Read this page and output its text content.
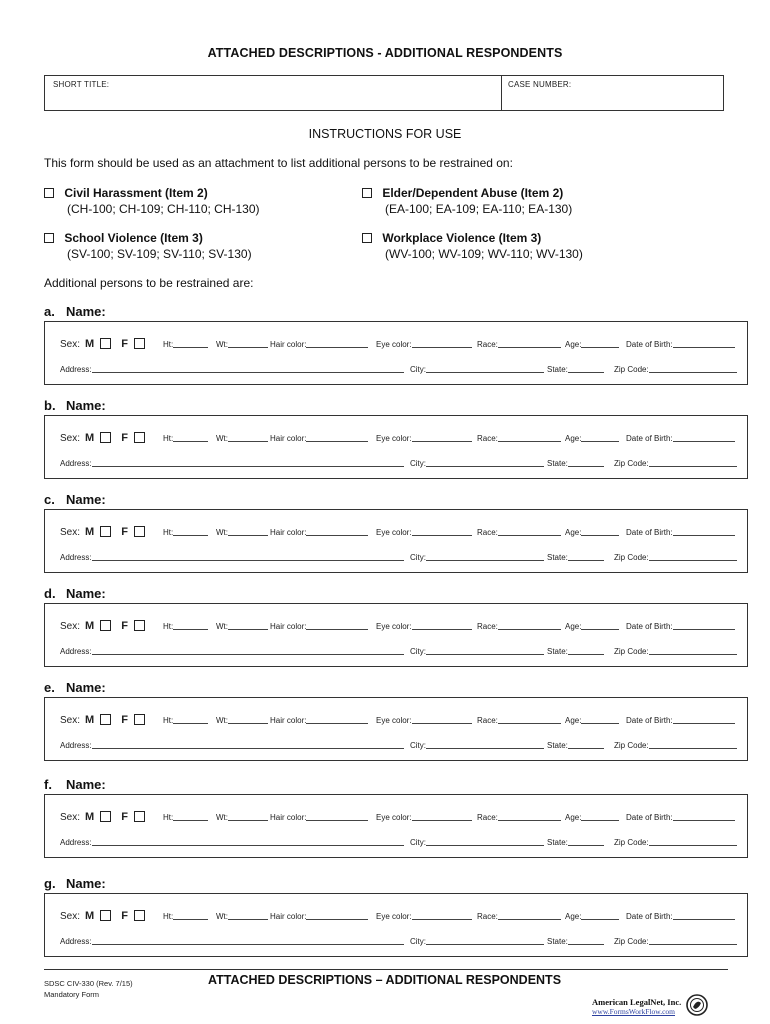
ATTACHED DESCRIPTIONS - ADDITIONAL RESPONDENTS
SHORT TITLE:	CASE NUMBER:
INSTRUCTIONS FOR USE
This form should be used as an attachment to list additional persons to be restrained on:
Civil Harassment (Item 2)
(CH-100; CH-109; CH-110; CH-130)
Elder/Dependent Abuse (Item 2)
(EA-100; EA-109; EA-110; EA-130)
School Violence (Item 3)
(SV-100; SV-109; SV-110; SV-130)
Workplace Violence (Item 3)
(WV-100; WV-109; WV-110; WV-130)
Additional persons to be restrained are:
a. Name:
Sex: M F	Ht:	Wt:	Hair color:	Eye color:	Race:	Age:	Date of Birth:
Address:	City:	State:	Zip Code:
b. Name:
Sex: M F	Ht:	Wt:	Hair color:	Eye color:	Race:	Age:	Date of Birth:
Address:	City:	State:	Zip Code:
c. Name:
Sex: M F	Ht:	Wt:	Hair color:	Eye color:	Race:	Age:	Date of Birth:
Address:	City:	State:	Zip Code:
d. Name:
Sex: M F	Ht:	Wt:	Hair color:	Eye color:	Race:	Age:	Date of Birth:
Address:	City:	State:	Zip Code:
e. Name:
Sex: M F	Ht:	Wt:	Hair color:	Eye color:	Race:	Age:	Date of Birth:
Address:	City:	State:	Zip Code:
f. Name:
Sex: M F	Ht:	Wt:	Hair color:	Eye color:	Race:	Age:	Date of Birth:
Address:	City:	State:	Zip Code:
g. Name:
Sex: M F	Ht:	Wt:	Hair color:	Eye color:	Race:	Age:	Date of Birth:
Address:	City:	State:	Zip Code:
SDSC CIV-330 (Rev. 7/15)
Mandatory Form
ATTACHED DESCRIPTIONS – ADDITIONAL RESPONDENTS
American LegalNet, Inc.
www.FormsWorkFlow.com
